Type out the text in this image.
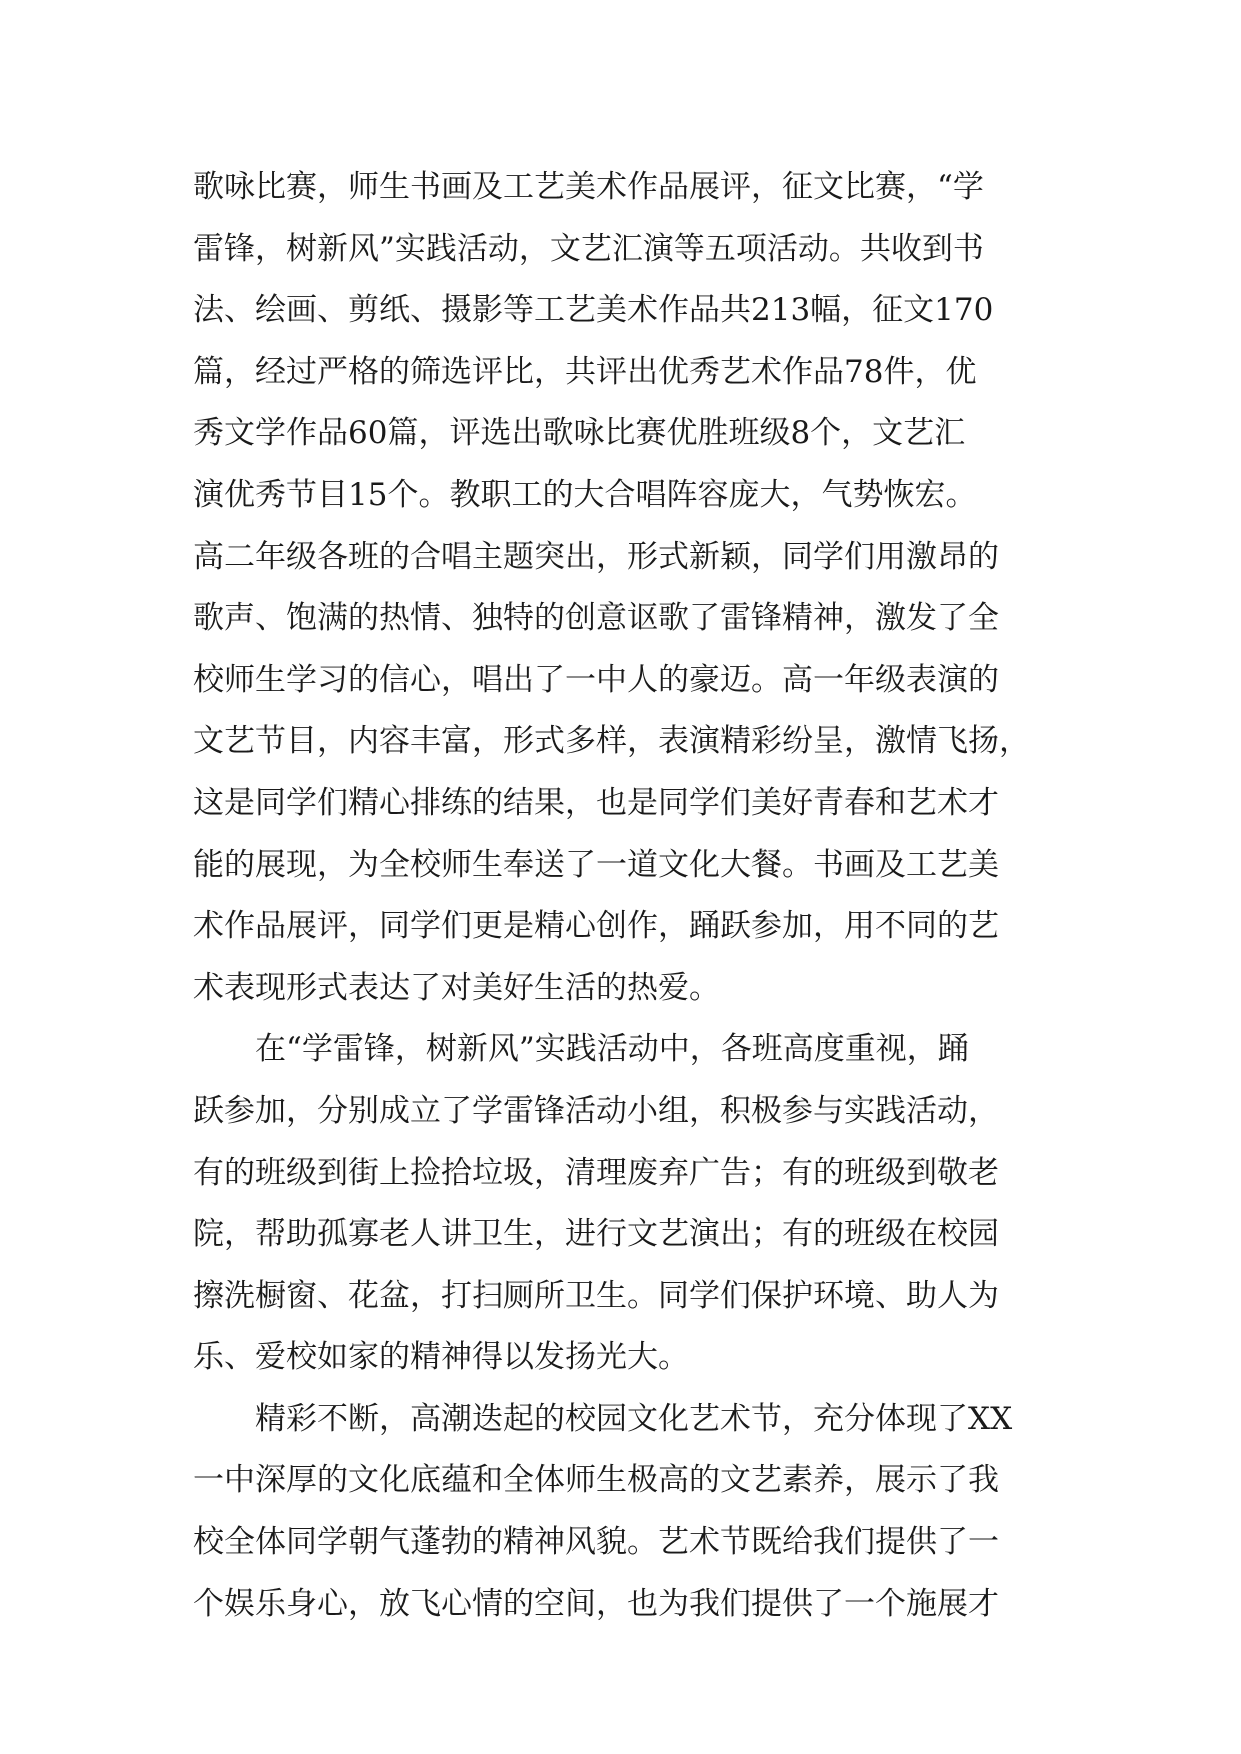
歌咏比赛，师生书画及工艺美术作品展评，征文比赛，“学
雷锋，树新风”实践活动，文艺汇演等五项活动。共收到书
法、绘画、剪纸、摄影等工艺美术作品共213幅，征文170
篇，经过严格的筛选评比，共评出优秀艺术作品78件，优
秀文学作品60篇，评选出歌咏比赛优胜班级8个，文艺汇
演优秀节目15个。教职工的大合唱阵容庞大，气势恢宏。
高二年级各班的合唱主题突出，形式新颖，同学们用激昂的
歌声、饱满的热情、独特的创意讴歌了雷锋精神，激发了全
校师生学习的信心，唱出了一中人的豪迈。高一年级表演的
文艺节目，内容丰富，形式多样，表演精彩纷呈，激情飞扬，
这是同学们精心排练的结果，也是同学们美好青春和艺术才
能的展现，为全校师生奉送了一道文化大餐。书画及工艺美
术作品展评，同学们更是精心创作，踊跃参加，用不同的艺
术表现形式表达了对美好生活的热爱。
在“学雷锋，树新风”实践活动中，各班高度重视，踊
跃参加，分别成立了学雷锋活动小组，积极参与实践活动，
有的班级到街上捡拾垃圾，清理废弃广告；有的班级到敬老
院，帮助孤寡老人讲卫生，进行文艺演出；有的班级在校园
擦洗橱窗、花盆，打扫厕所卫生。同学们保护环境、助人为
乐、爱校如家的精神得以发扬光大。
精彩不断，高潮迭起的校园文化艺术节，充分体现了XX
一中深厚的文化底蕴和全体师生极高的文艺素养，展示了我
校全体同学朝气蓬勃的精神风貌。艺术节既给我们提供了一
个娱乐身心，放飞心情的空间，也为我们提供了一个施展才
